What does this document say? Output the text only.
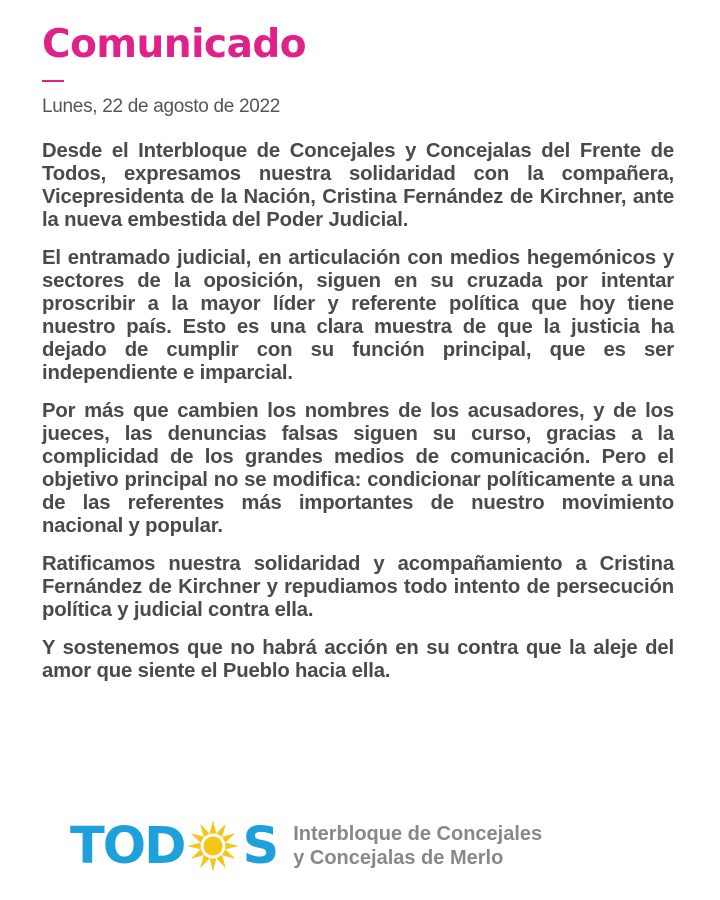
Comunicado
Lunes, 22 de agosto de 2022

Desde el Interbloque de Concejales y Concejalas del Frente de Todos, expresamos nuestra solidaridad con la compañera, Vicepresidenta de la Nación, Cristina Fernández de Kirchner, ante la nueva embestida del Poder Judicial.

El entramado judicial, en articulación con medios hegemónicos y sectores de la oposición, siguen en su cruzada por intentar proscribir a la mayor líder y referente política que hoy tiene nuestro país. Esto es una clara muestra de que la justicia ha dejado de cumplir con su función principal, que es ser independiente e imparcial.

Por más que cambien los nombres de los acusadores, y de los jueces, las denuncias falsas siguen su curso, gracias a la complicidad de los grandes medios de comunicación. Pero el objetivo principal no se modifica: condicionar políticamente a una de las referentes más importantes de nuestro movimiento nacional y popular.

Ratificamos nuestra solidaridad y acompañamiento a Cristina Fernández de Kirchner y repudiamos todo intento de persecución política y judicial contra ella.

Y sostenemos que no habrá acción en su contra que la aleje del amor que siente el Pueblo hacia ella.

TOD S Interbloque de Concejales
y Concejalas de Merlo
